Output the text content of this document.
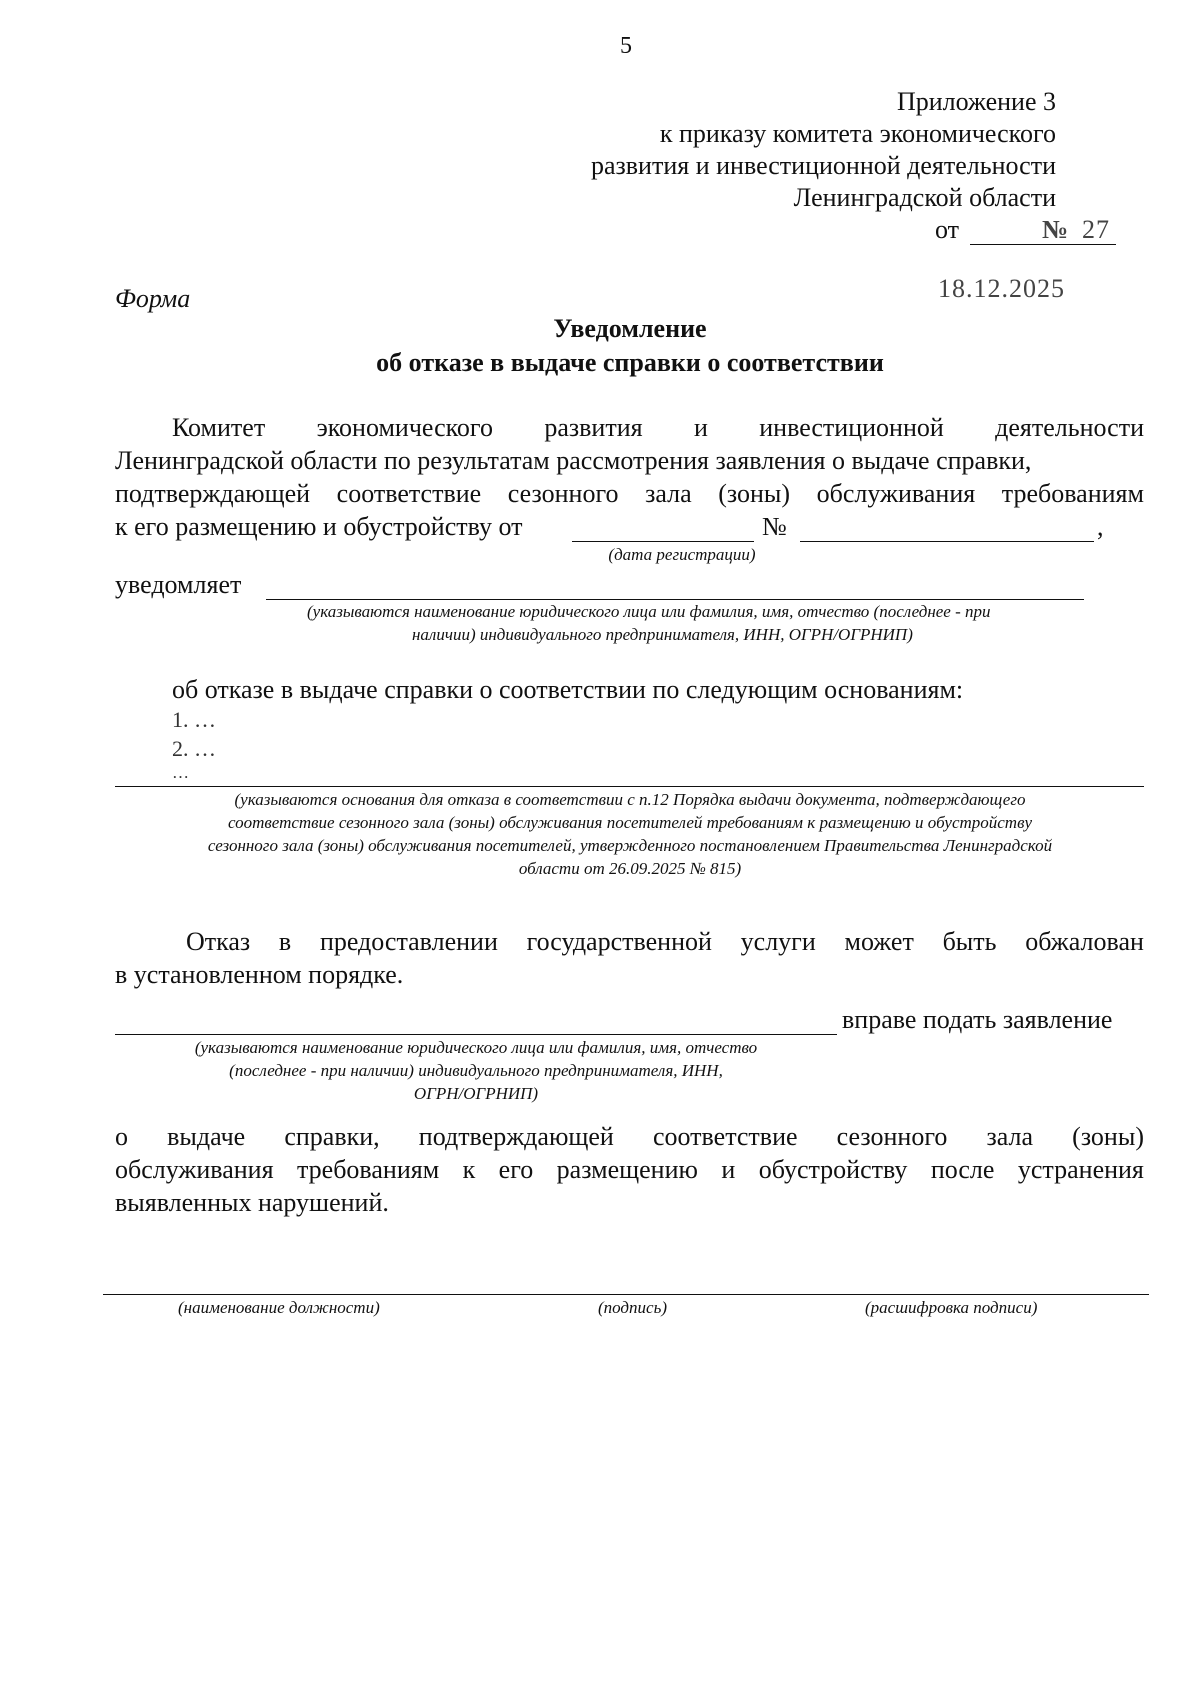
5
Приложение 3
к приказу комитета экономического
развития и инвестиционной деятельности
Ленинградской области
от	№ 27
Форма	18.12.2025
Уведомление
об отказе в выдаче справки о соответствии
Комитет экономического развития и инвестиционной деятельности
Ленинградской области по результатам рассмотрения заявления о выдаче справки,
подтверждающей соответствие сезонного зала (зоны) обслуживания требованиям
к его размещению и обустройству от	№	,
(дата регистрации)
уведомляет
(указываются наименование юридического лица или фамилия, имя, отчество (последнее - при
наличии) индивидуального предпринимателя, ИНН, ОГРН/ОГРНИП)
об отказе в выдаче справки о соответствии по следующим основаниям:
1. …
2. …
…
(указываются основания для отказа в соответствии с п.12 Порядка выдачи документа, подтверждающего
соответствие сезонного зала (зоны) обслуживания посетителей требованиям к размещению и обустройству
сезонного зала (зоны) обслуживания посетителей, утвержденного постановлением Правительства Ленинградской
области от 26.09.2025 № 815)
Отказ в предоставлении государственной услуги может быть обжалован
в установленном порядке.
вправе подать заявление
(указываются наименование юридического лица или фамилия, имя, отчество
(последнее - при наличии) индивидуального предпринимателя, ИНН,
ОГРН/ОГРНИП)
о выдаче справки, подтверждающей соответствие сезонного зала (зоны)
обслуживания требованиям к его размещению и обустройству после устранения
выявленных нарушений.
(наименование должности)	(подпись)	(расшифровка подписи)
